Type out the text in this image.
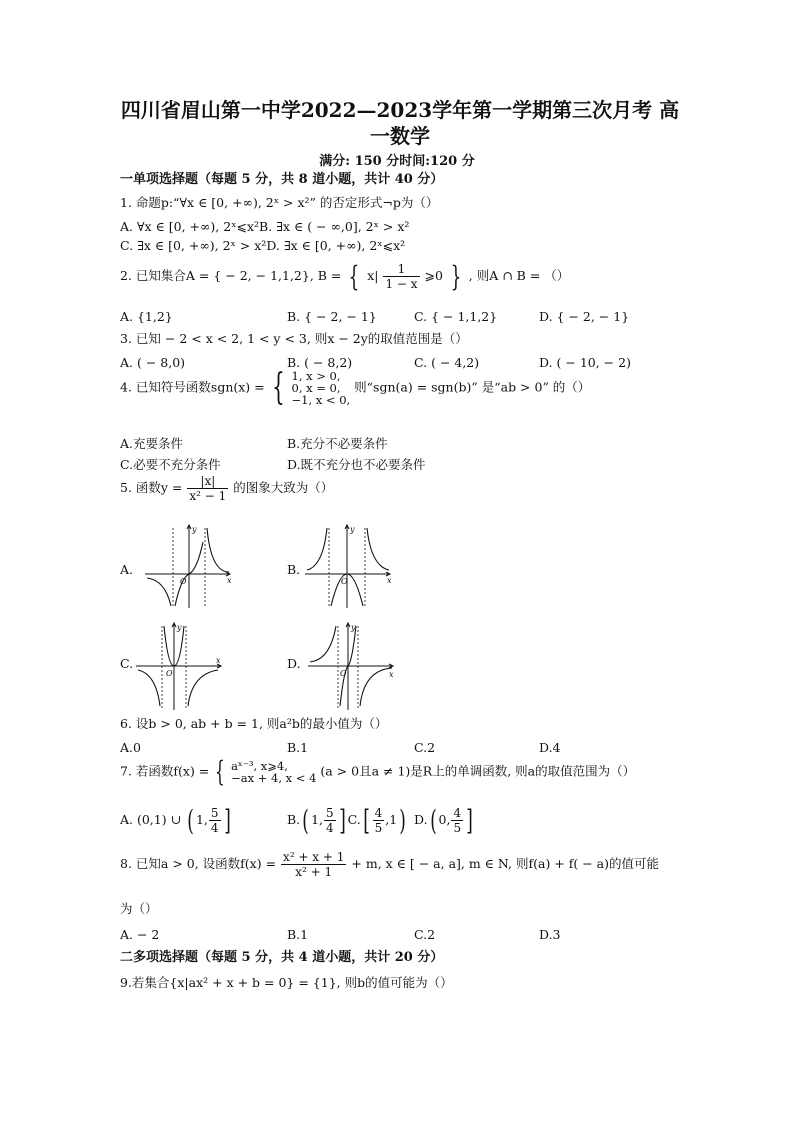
四川省眉山第一中学2022—2023学年第一学期第三次月考 高
一数学
满分: 150 分时间:120 分
一单项选择题（每题 5 分，共 8 道小题，共计 40 分）
1. 命题p:“∀x ∈ [0, +∞), 2ˣ > x²” 的否定形式¬p为（）
A. ∀x ∈ [0, +∞), 2ˣ⩽x²B. ∃x ∈ ( − ∞,0], 2ˣ > x²
C. ∃x ∈ [0, +∞), 2ˣ > x²D. ∃x ∈ [0, +∞), 2ˣ⩽x²
2. 已知集合A = { − 2, − 1,1,2}, B = { $x| \frac{1}{1 - x}$ ⩾0 } , 则A ∩ B = （）
A. {1,2}	B. { − 2, − 1}	C. { − 1,1,2}	D. { − 2, − 1}
3. 已知 − 2 < x < 2, 1 < y < 3, 则x − 2y的取值范围是（）
A. ( − 8,0)	B. ( − 8,2)	C. ( − 4,2)	D. ( − 10, − 2)
4. 已知符号函数sgn(x) = { 1, x > 0,
0, x = 0,
−1, x < 0,
则“sgn(a) = sgn(b)” 是“ab > 0” 的（）
A.充要条件	B.充分不必要条件
C.必要不充分条件	D.既不充分也不必要条件
5. 函数$y = \frac{|x|}{\text{x² − 1}}$ 的图象大致为（）
A.	B.
C.	D.
y
x
O
y
x
O
y
x
O
y
x
O
6. 设b > 0, ab + b = 1, 则a²b的最小值为（）
A.0	B.1	C.2	D.4
7. 若函数f(x) = { aˣ⁻³, x⩾4,
−ax + 4, x < 4 (a > 0且a ≠ 1)是R上的单调函数, 则a的取值范围为（）
A. (0,1) ∪ ( 1, $\frac{5}{4}$ ]	B.( 1, $\frac{5}{4}$ ] $C.[ \frac{4}{5} ,1)$ D.( 0, $\frac{4}{5}$ ]
8. 已知a > 0, 设函数$f(x) = \frac{\text{x² + x + 1}}{\text{x² + 1}} + m$, x ∈ [ − a, a], m ∈ N, 则f(a) + f( − a)的值可能
为（）
A. − 2	B.1	C.2	D.3
二多项选择题（每题 5 分，共 4 道小题，共计 20 分）
9.若集合{x|ax² + x + b = 0} = {1}, 则b的值可能为（）
